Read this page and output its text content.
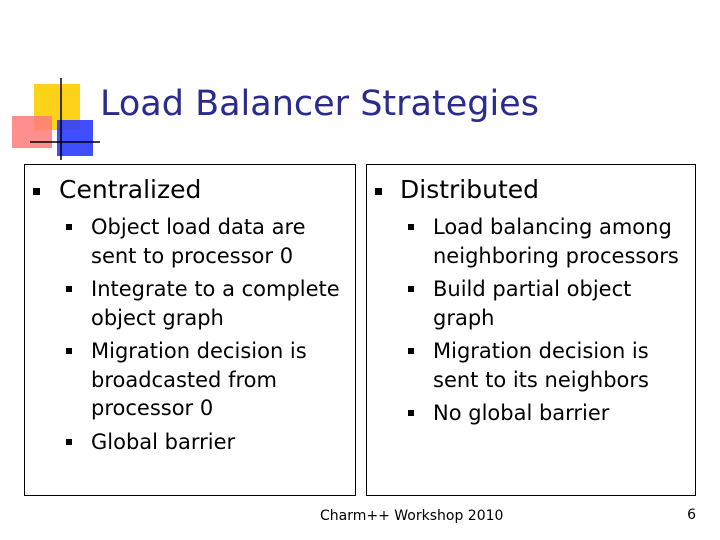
Load Balancer Strategies
Centralized
Object load data are sent to processor 0
Integrate to a complete object graph
Migration decision is broadcasted from processor 0
Global barrier
Distributed
Load balancing among neighboring processors
Build partial object graph
Migration decision is sent to its neighbors
No global barrier
Charm++ Workshop 2010	6
